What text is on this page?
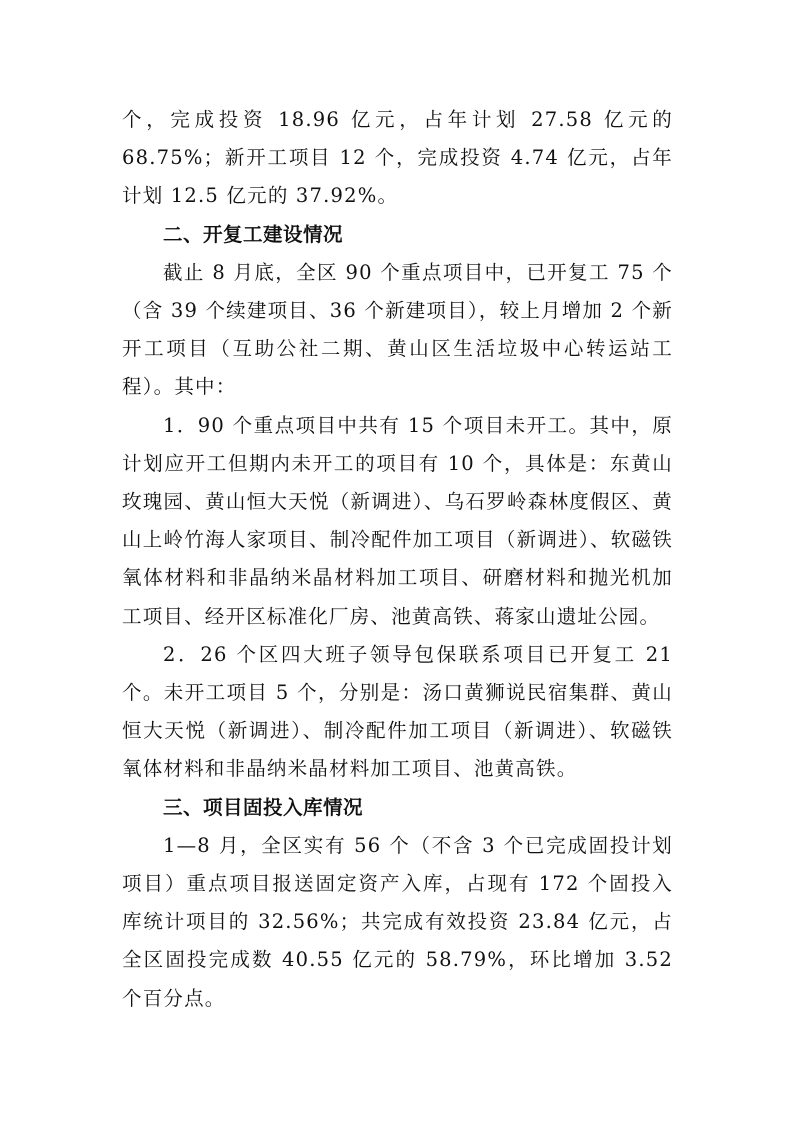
个，完成投资 18.96 亿元，占年计划 27.58 亿元的 68.75%；新开工项目 12 个，完成投资 4.74 亿元，占年计划 12.5 亿元的 37.92%。

二、开复工建设情况

截止 8 月底，全区 90 个重点项目中，已开复工 75 个（含 39 个续建项目、36 个新建项目），较上月增加 2 个新开工项目（互助公社二期、黄山区生活垃圾中心转运站工程）。其中：

1．90 个重点项目中共有 15 个项目未开工。其中，原计划应开工但期内未开工的项目有 10 个，具体是：东黄山玫瑰园、黄山恒大天悦（新调进）、乌石罗岭森林度假区、黄山上岭竹海人家项目、制冷配件加工项目（新调进）、软磁铁氧体材料和非晶纳米晶材料加工项目、研磨材料和抛光机加工项目、经开区标准化厂房、池黄高铁、蒋家山遗址公园。

2．26 个区四大班子领导包保联系项目已开复工 21 个。未开工项目 5 个，分别是：汤口黄狮说民宿集群、黄山恒大天悦（新调进）、制冷配件加工项目（新调进）、软磁铁氧体材料和非晶纳米晶材料加工项目、池黄高铁。

三、项目固投入库情况

1—8 月，全区实有 56 个（不含 3 个已完成固投计划项目）重点项目报送固定资产入库，占现有 172 个固投入库统计项目的 32.56%；共完成有效投资 23.84 亿元，占全区固投完成数 40.55 亿元的 58.79%，环比增加 3.52 个百分点。
